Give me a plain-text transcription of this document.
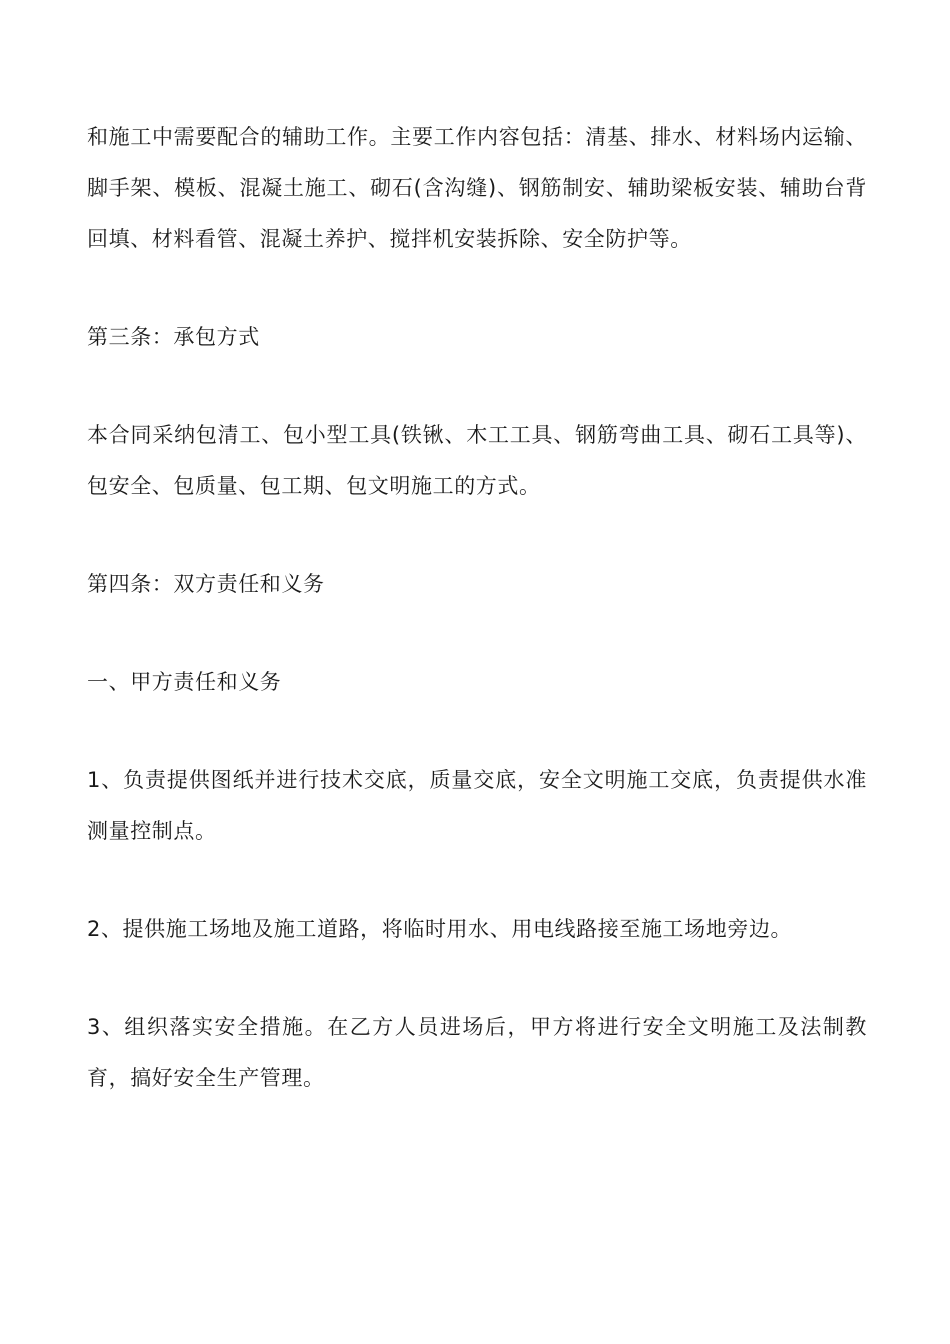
和施工中需要配合的辅助工作。主要工作内容包括：清基、排水、材料场内运输、脚手架、模板、混凝土施工、砌石(含沟缝)、钢筋制安、辅助梁板安装、辅助台背回填、材料看管、混凝土养护、搅拌机安装拆除、安全防护等。

第三条：承包方式

本合同采纳包清工、包小型工具(铁锹、木工工具、钢筋弯曲工具、砌石工具等)、包安全、包质量、包工期、包文明施工的方式。

第四条：双方责任和义务

一、甲方责任和义务

1、负责提供图纸并进行技术交底，质量交底，安全文明施工交底，负责提供水准测量控制点。

2、提供施工场地及施工道路，将临时用水、用电线路接至施工场地旁边。

3、组织落实安全措施。在乙方人员进场后，甲方将进行安全文明施工及法制教育，搞好安全生产管理。
